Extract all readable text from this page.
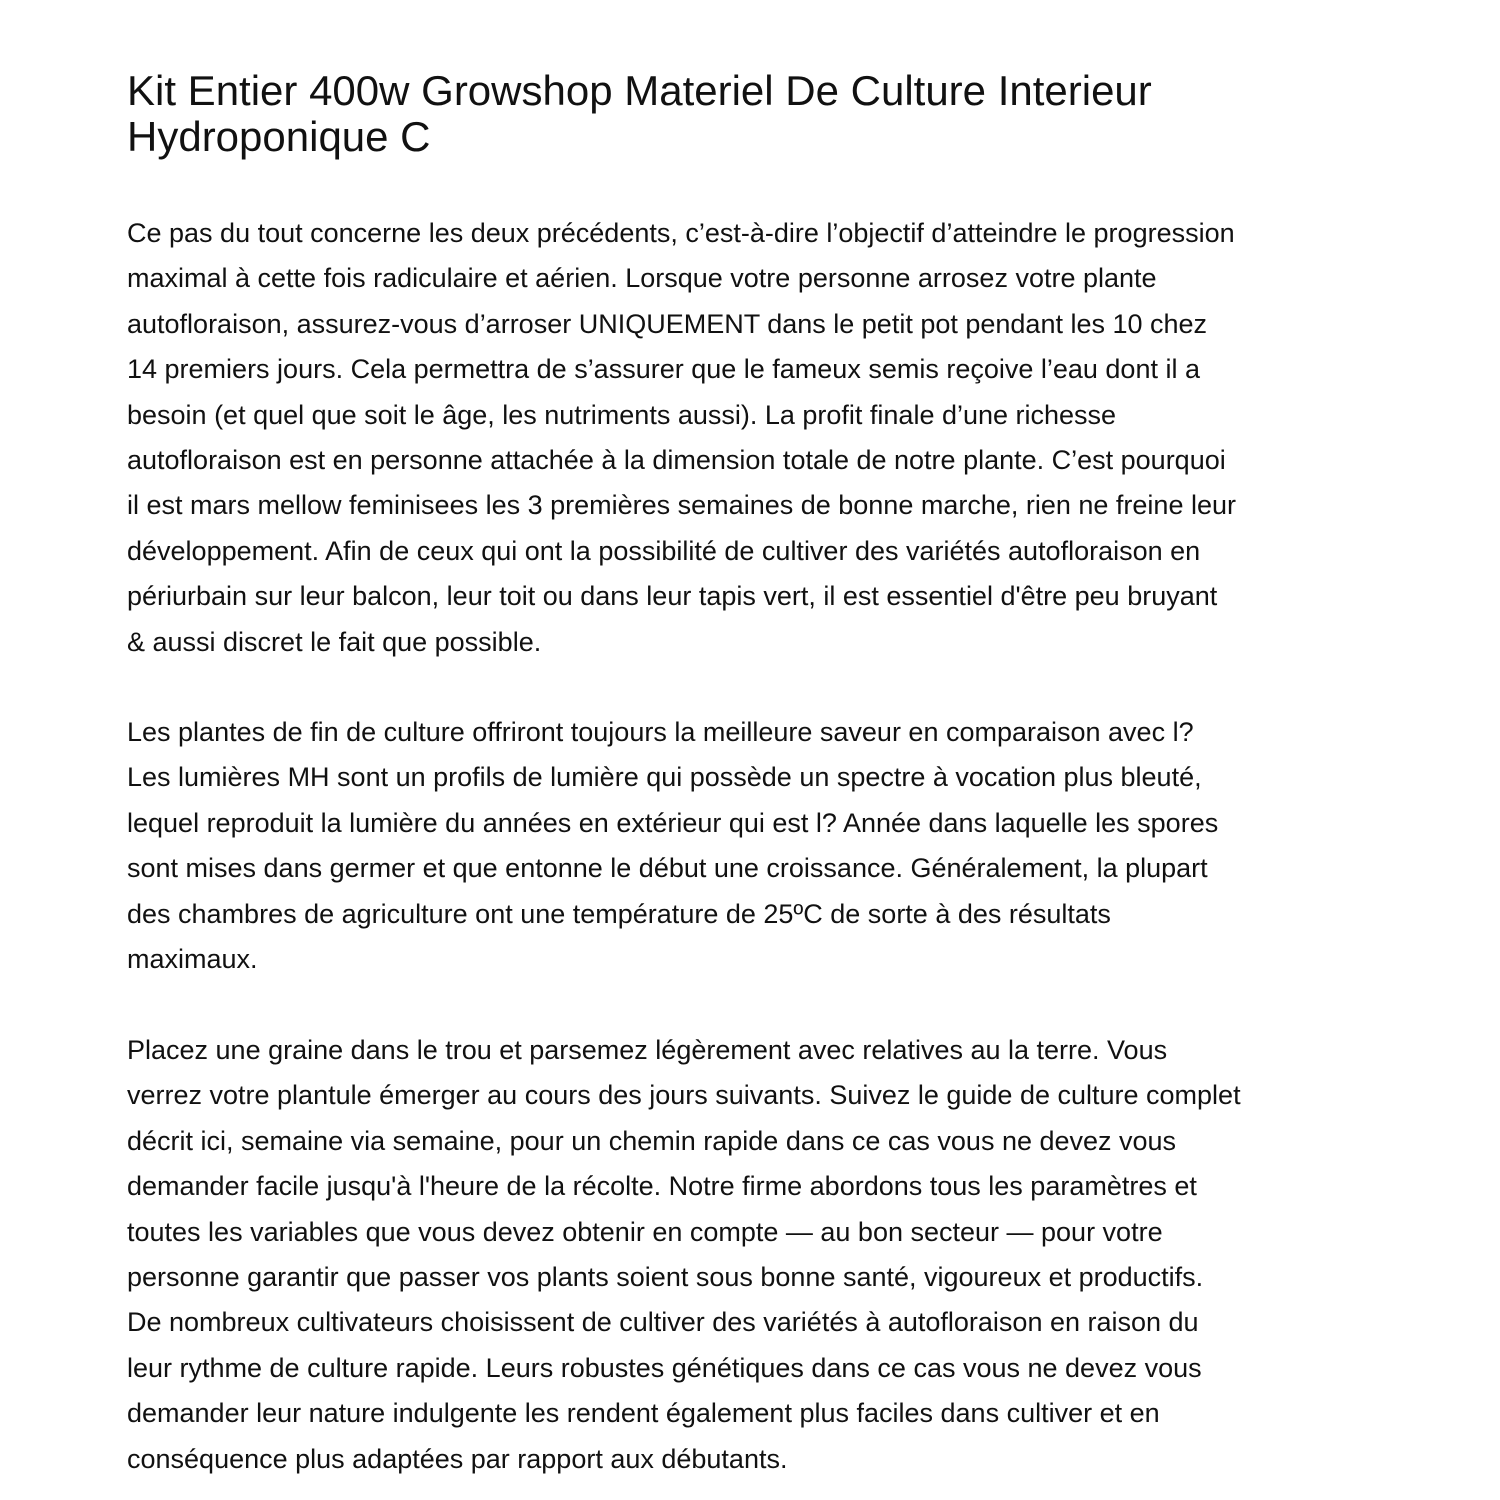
Kit Entier 400w Growshop Materiel De Culture Interieur
Hydroponique C

Ce pas du tout concerne les deux précédents, c’est-à-dire l’objectif d’atteindre le progression
maximal à cette fois radiculaire et aérien. Lorsque votre personne arrosez votre plante
autofloraison, assurez-vous d’arroser UNIQUEMENT dans le petit pot pendant les 10 chez
14 premiers jours. Cela permettra de s’assurer que le fameux semis reçoive l’eau dont il a
besoin (et quel que soit le âge, les nutriments aussi). La profit finale d’une richesse
autofloraison est en personne attachée à la dimension totale de notre plante. C’est pourquoi
il est mars mellow feminisees les 3 premières semaines de bonne marche, rien ne freine leur
développement. Afin de ceux qui ont la possibilité de cultiver des variétés autofloraison en
périurbain sur leur balcon, leur toit ou dans leur tapis vert, il est essentiel d'être peu bruyant
& aussi discret le fait que possible.

Les plantes de fin de culture offriront toujours la meilleure saveur en comparaison avec l?
Les lumières MH sont un profils de lumière qui possède un spectre à vocation plus bleuté,
lequel reproduit la lumière du années en extérieur qui est l? Année dans laquelle les spores
sont mises dans germer et que entonne le début une croissance. Généralement, la plupart
des chambres de agriculture ont une température de 25ºC de sorte à des résultats
maximaux.

Placez une graine dans le trou et parsemez légèrement avec relatives au la terre. Vous
verrez votre plantule émerger au cours des jours suivants. Suivez le guide de culture complet
décrit ici, semaine via semaine, pour un chemin rapide dans ce cas vous ne devez vous
demander facile jusqu'à l'heure de la récolte. Notre firme abordons tous les paramètres et
toutes les variables que vous devez obtenir en compte — au bon secteur — pour votre
personne garantir que passer vos plants soient sous bonne santé, vigoureux et productifs.
De nombreux cultivateurs choisissent de cultiver des variétés à autofloraison en raison du
leur rythme de culture rapide. Leurs robustes génétiques dans ce cas vous ne devez vous
demander leur nature indulgente les rendent également plus faciles dans cultiver et en
conséquence plus adaptées par rapport aux débutants.
